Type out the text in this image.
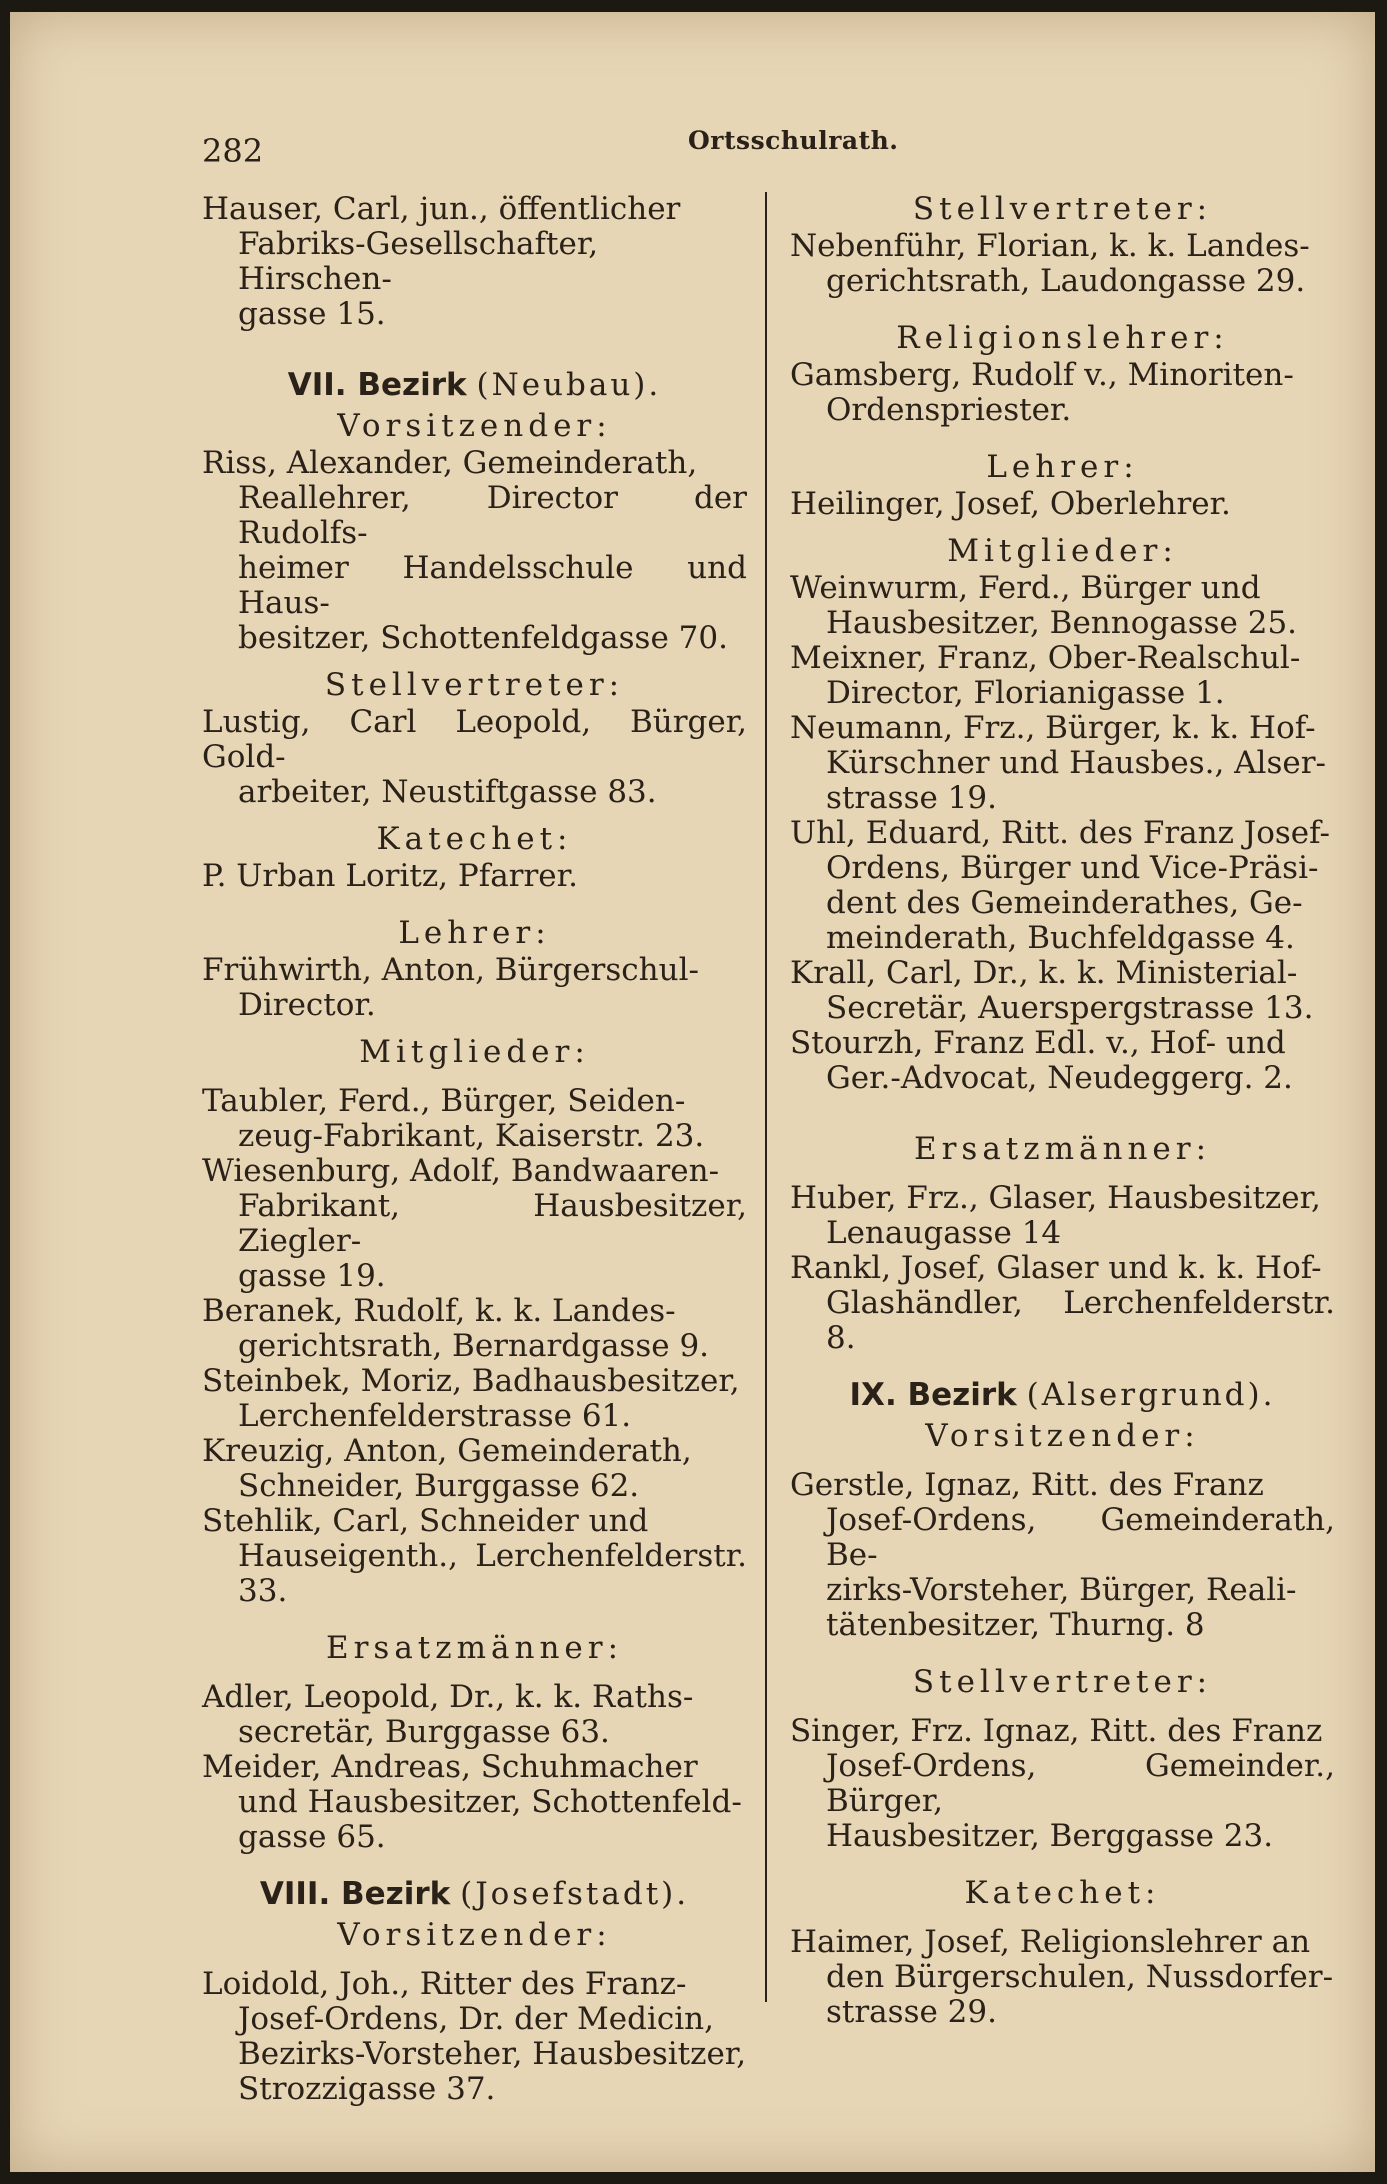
282	Ortsschulrath.
Hauser, Carl, jun., öffentlicher
Fabriks-Gesellschafter, Hirschen-
gasse 15.
VII. Bezirk (Neubau).
Vorsitzender:
Riss, Alexander, Gemeinderath,
Reallehrer, Director der Rudolfs-
heimer Handelsschule und Haus-
besitzer, Schottenfeldgasse 70.
Stellvertreter:
Lustig, Carl Leopold, Bürger, Gold-
arbeiter, Neustiftgasse 83.
Katechet:
P. Urban Loritz, Pfarrer.
Lehrer:
Frühwirth, Anton, Bürgerschul-
Director.
Mitglieder:
Taubler, Ferd., Bürger, Seiden-
zeug-Fabrikant, Kaiserstr. 23.
Wiesenburg, Adolf, Bandwaaren-
Fabrikant, Hausbesitzer, Ziegler-
gasse 19.
Beranek, Rudolf, k. k. Landes-
gerichtsrath, Bernardgasse 9.
Steinbek, Moriz, Badhausbesitzer,
Lerchenfelderstrasse 61.
Kreuzig, Anton, Gemeinderath,
Schneider, Burggasse 62.
Stehlik, Carl, Schneider und
Hauseigenth., Lerchenfelderstr. 33.
Ersatzmänner:
Adler, Leopold, Dr., k. k. Raths-
secretär, Burggasse 63.
Meider, Andreas, Schuhmacher
und Hausbesitzer, Schottenfeld-
gasse 65.
VIII. Bezirk (Josefstadt).
Vorsitzender:
Loidold, Joh., Ritter des Franz-
Josef-Ordens, Dr. der Medicin,
Bezirks-Vorsteher, Hausbesitzer,
Strozzigasse 37.
Stellvertreter:
Nebenführ, Florian, k. k. Landes-
gerichtsrath, Laudongasse 29.
Religionslehrer:
Gamsberg, Rudolf v., Minoriten-
Ordenspriester.
Lehrer:
Heilinger, Josef, Oberlehrer.
Mitglieder:
Weinwurm, Ferd., Bürger und
Hausbesitzer, Bennogasse 25.
Meixner, Franz, Ober-Realschul-
Director, Florianigasse 1.
Neumann, Frz., Bürger, k. k. Hof-
Kürschner und Hausbes., Alser-
strasse 19.
Uhl, Eduard, Ritt. des Franz Josef-
Ordens, Bürger und Vice-Präsi-
dent des Gemeinderathes, Ge-
meinderath, Buchfeldgasse 4.
Krall, Carl, Dr., k. k. Ministerial-
Secretär, Auerspergstrasse 13.
Stourzh, Franz Edl. v., Hof- und
Ger.-Advocat, Neudeggerg. 2.
Ersatzmänner:
Huber, Frz., Glaser, Hausbesitzer,
Lenaugasse 14
Rankl, Josef, Glaser und k. k. Hof-
Glashändler, Lerchenfelderstr. 8.
IX. Bezirk (Alsergrund).
Vorsitzender:
Gerstle, Ignaz, Ritt. des Franz
Josef-Ordens, Gemeinderath, Be-
zirks-Vorsteher, Bürger, Reali-
tätenbesitzer, Thurng. 8
Stellvertreter:
Singer, Frz. Ignaz, Ritt. des Franz
Josef-Ordens, Gemeinder., Bürger,
Hausbesitzer, Berggasse 23.
Katechet:
Haimer, Josef, Religionslehrer an
den Bürgerschulen, Nussdorfer-
strasse 29.
